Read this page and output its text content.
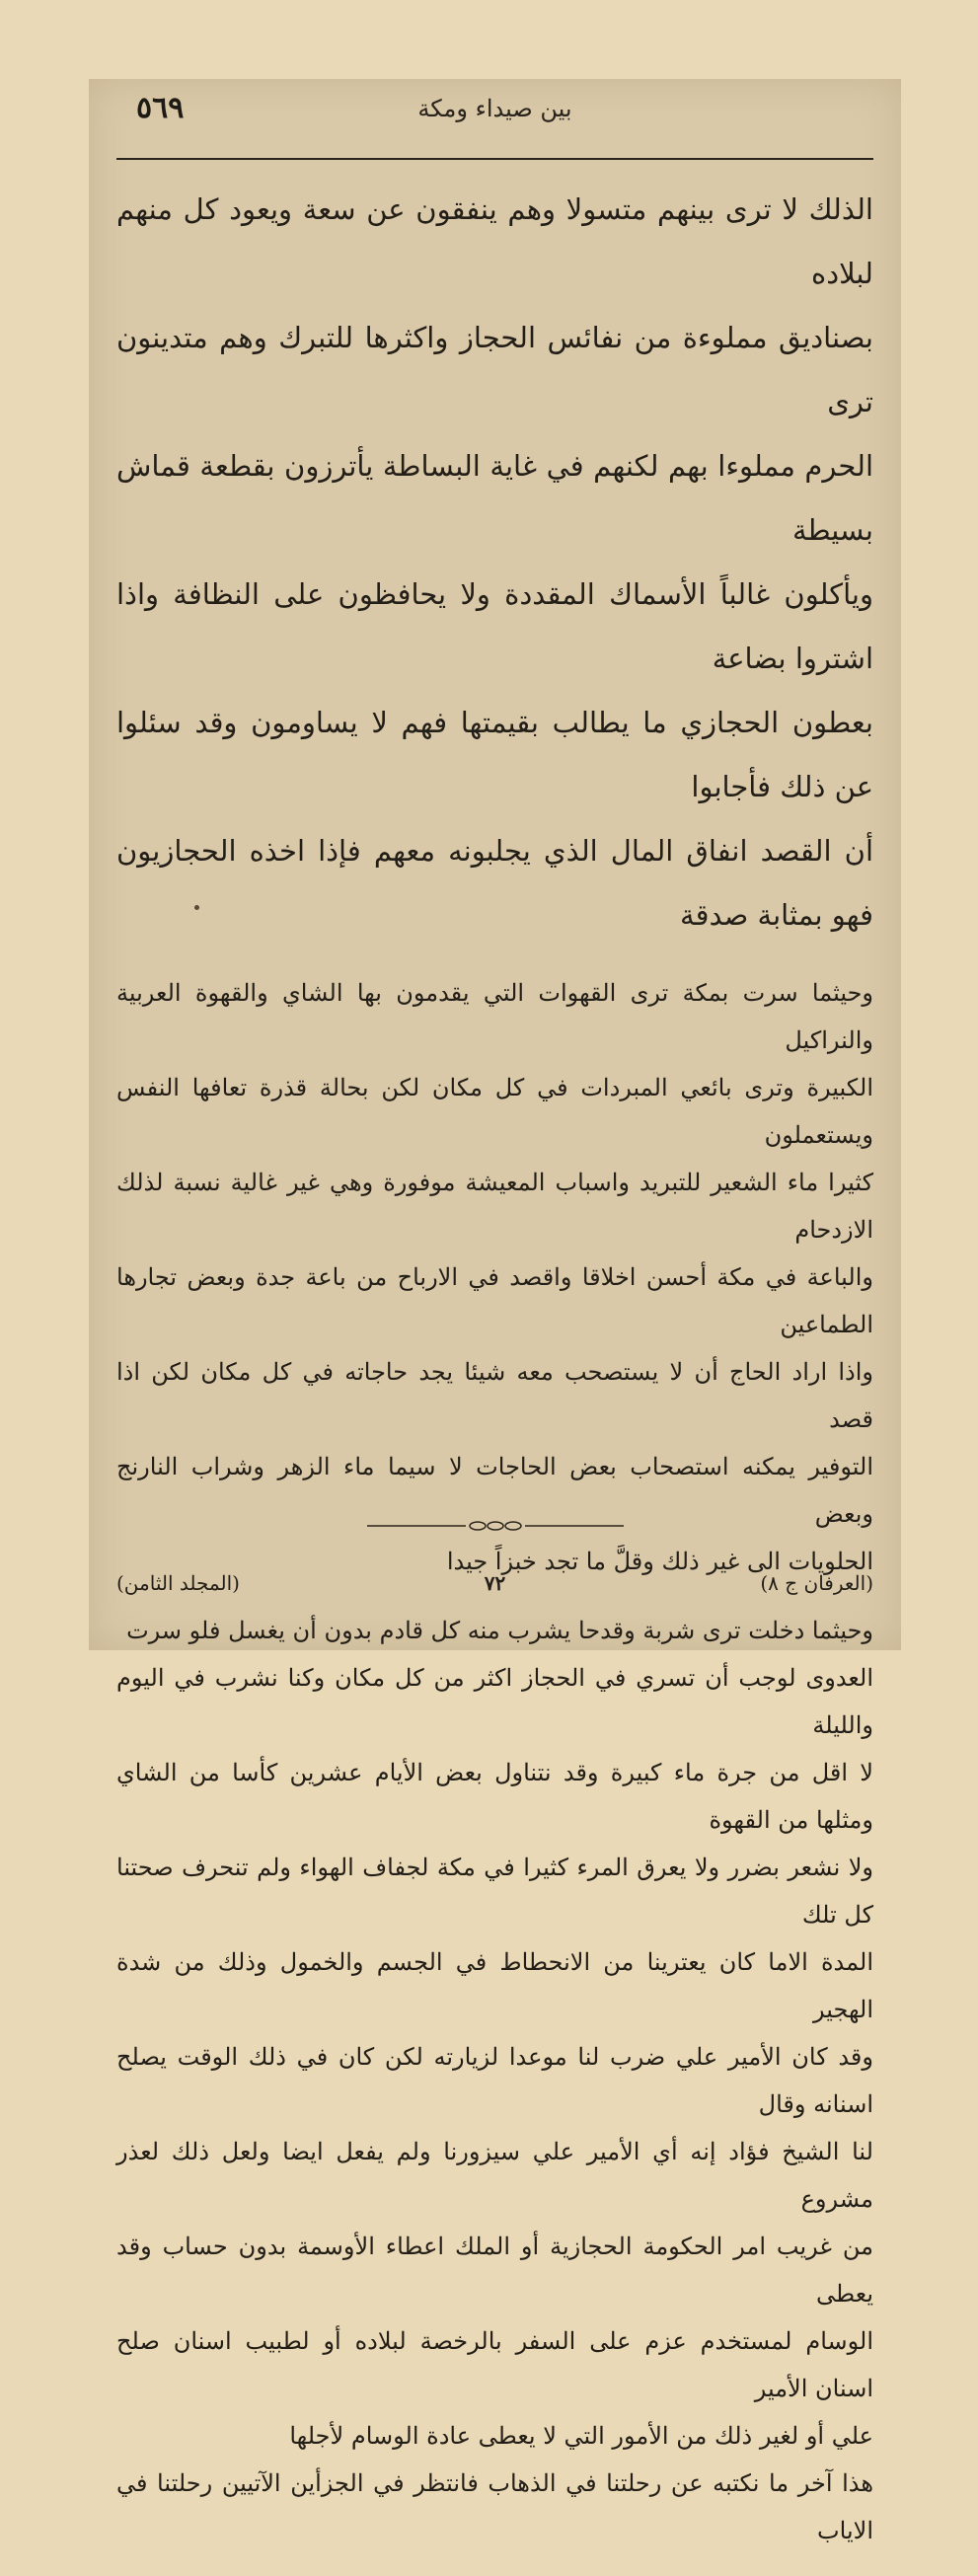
بين صيداء ومكة
٥٦٩

الذلك لا ترى بينهم متسولا وهم ينفقون عن سعة ويعود كل منهم لبلاده

بصناديق مملوءة من نفائس الحجاز واكثرها للتبرك وهم متدينون ترى

الحرم مملوءا بهم لكنهم في غاية البساطة يأترزون بقطعة قماش بسيطة

ويأكلون غالباً الأسماك المقددة ولا يحافظون على النظافة واذا اشتروا بضاعة

بعطون الحجازي ما يطالب بقيمتها فهم لا يساومون وقد سئلوا عن ذلك فأجابوا

أن القصد انفاق المال الذي يجلبونه معهم فإذا اخذه الحجازيون فهو بمثابة صدقة

وحيثما سرت بمكة ترى القهوات التي يقدمون بها الشاي والقهوة العربية والنراكيل

الكبيرة وترى بائعي المبردات في كل مكان لكن بحالة قذرة تعافها النفس ويستعملون

كثيرا ماء الشعير للتبريد واسباب المعيشة موفورة وهي غير غالية نسبة لذلك الازدحام

والباعة في مكة أحسن اخلاقا واقصد في الارباح من باعة جدة وبعض تجارها الطماعين

واذا اراد الحاج أن لا يستصحب معه شيئا يجد حاجاته في كل مكان لكن اذا قصد

التوفير يمكنه استصحاب بعض الحاجات لا سيما ماء الزهر وشراب النارنج وبعض

الحلويات الى غير ذلك وقلَّ ما تجد خبزاً جيدا

وحيثما دخلت ترى شربة وقدحا يشرب منه كل قادم بدون أن يغسل فلو سرت

العدوى لوجب أن تسري في الحجاز اكثر من كل مكان وكنا نشرب في اليوم والليلة

لا اقل من جرة ماء كبيرة وقد نتناول بعض الأيام عشرين كأسا من الشاي ومثلها من القهوة

ولا نشعر بضرر ولا يعرق المرء كثيرا في مكة لجفاف الهواء ولم تنحرف صحتنا كل تلك

المدة الاما كان يعترينا من الانحطاط في الجسم والخمول وذلك من شدة الهجير

وقد كان الأمير علي ضرب لنا موعدا لزيارته لكن كان في ذلك الوقت يصلح اسنانه وقال

لنا الشيخ فؤاد إنه أي الأمير علي سيزورنا ولم يفعل ايضا ولعل ذلك لعذر مشروع

من غريب امر الحكومة الحجازية أو الملك اعطاء الأوسمة بدون حساب وقد يعطى

الوسام لمستخدم عزم على السفر بالرخصة لبلاده أو لطبيب اسنان صلح اسنان الأمير

علي أو لغير ذلك من الأمور التي لا يعطى عادة الوسام لأجلها

هذا آخر ما نكتبه عن رحلتنا في الذهاب فانتظر في الجزأين الآتيين رحلتنا في الاياب

(العرفان ج ٨)
٧٢
(المجلد الثامن)
